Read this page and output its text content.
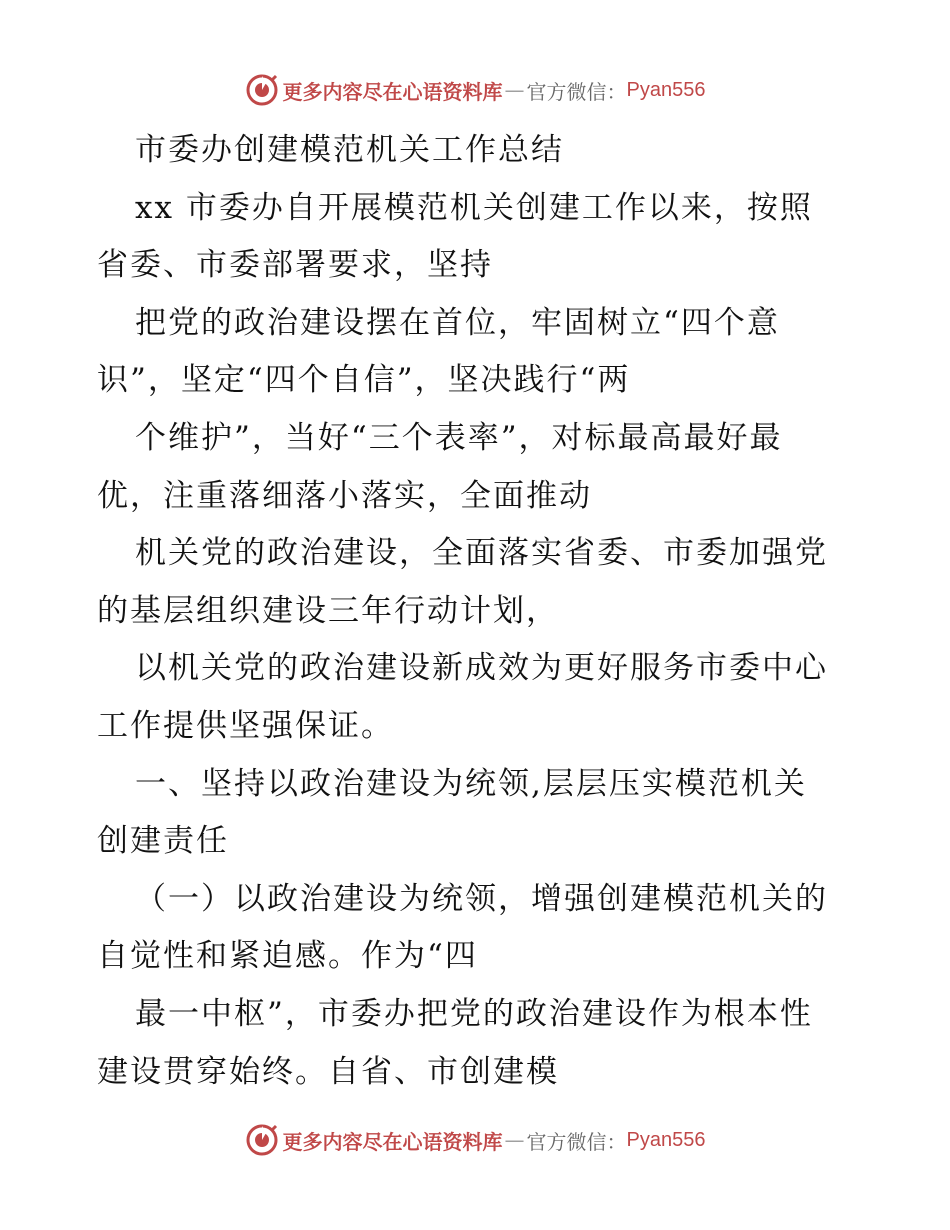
更多内容尽在心语资料库 — 官方微信： Pyan556
市委办创建模范机关工作总结
xx 市委办自开展模范机关创建工作以来，按照
省委、市委部署要求，坚持
把党的政治建设摆在首位，牢固树立“四个意
识”，坚定“四个自信”，坚决践行“两
个维护”，当好“三个表率”，对标最高最好最
优，注重落细落小落实，全面推动
机关党的政治建设，全面落实省委、市委加强党
的基层组织建设三年行动计划，
以机关党的政治建设新成效为更好服务市委中心
工作提供坚强保证。
一、坚持以政治建设为统领,层层压实模范机关
创建责任
（一）以政治建设为统领，增强创建模范机关的
自觉性和紧迫感。作为“四
最一中枢”，市委办把党的政治建设作为根本性
建设贯穿始终。自省、市创建模
更多内容尽在心语资料库 — 官方微信： Pyan556
